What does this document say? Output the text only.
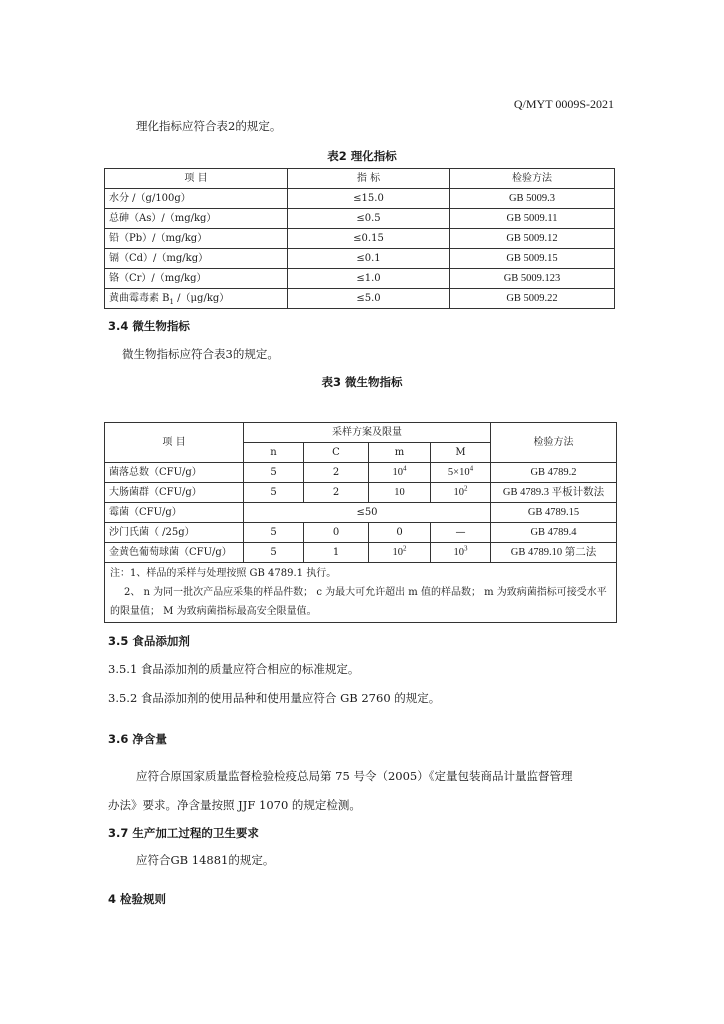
Q/MYT 0009S-2021
理化指标应符合表2的规定。
表2 理化指标
项 目	指 标	检验方法
水分 /（g/100g）	≤15.0	GB 5009.3
总砷（As）/（mg/kg）	≤0.5	GB 5009.11
铅（Pb）/（mg/kg）	≤0.15	GB 5009.12
镉（Cd）/（mg/kg）	≤0.1	GB 5009.15
铬（Cr）/（mg/kg）	≤1.0	GB 5009.123
黄曲霉毒素 $B_1$ /（μg/kg）	≤5.0	GB 5009.22
3.4 微生物指标
微生物指标应符合表3的规定。
表3 微生物指标
项 目	采样方案及限量				检验方法
	n	C	m	M	
菌落总数（CFU/g）	5	2	$10^4$	$5\times 10^4$	GB 4789.2
大肠菌群（CFU/g）	5	2	10	$10^2$	GB 4789.3 平板计数法
霉菌（CFU/g）	≤50				GB 4789.15
沙门氏菌（ /25g）	5	0	0	—	GB 4789.4
金黄色葡萄球菌（CFU/g）	5	1	$10^2$	$10^3$	GB 4789.10 第二法

注：1、样品的采样与处理按照 GB 4789.1 执行。
2、 n 为同一批次产品应采集的样品件数； c 为最大可允许超出 m 值的样品数； m 为致病菌指标可接受水平的限量值； M 为致病菌指标最高安全限量值。					
3.5 食品添加剂
3.5.1 食品添加剂的质量应符合相应的标准规定。
3.5.2 食品添加剂的使用品种和使用量应符合 GB 2760 的规定。
3.6 净含量
应符合原国家质量监督检验检疫总局第 75 号令（2005）《定量包装商品计量监督管理
办法》要求。净含量按照 JJF 1070 的规定检测。
3.7 生产加工过程的卫生要求
应符合GB 14881的规定。
4 检验规则
